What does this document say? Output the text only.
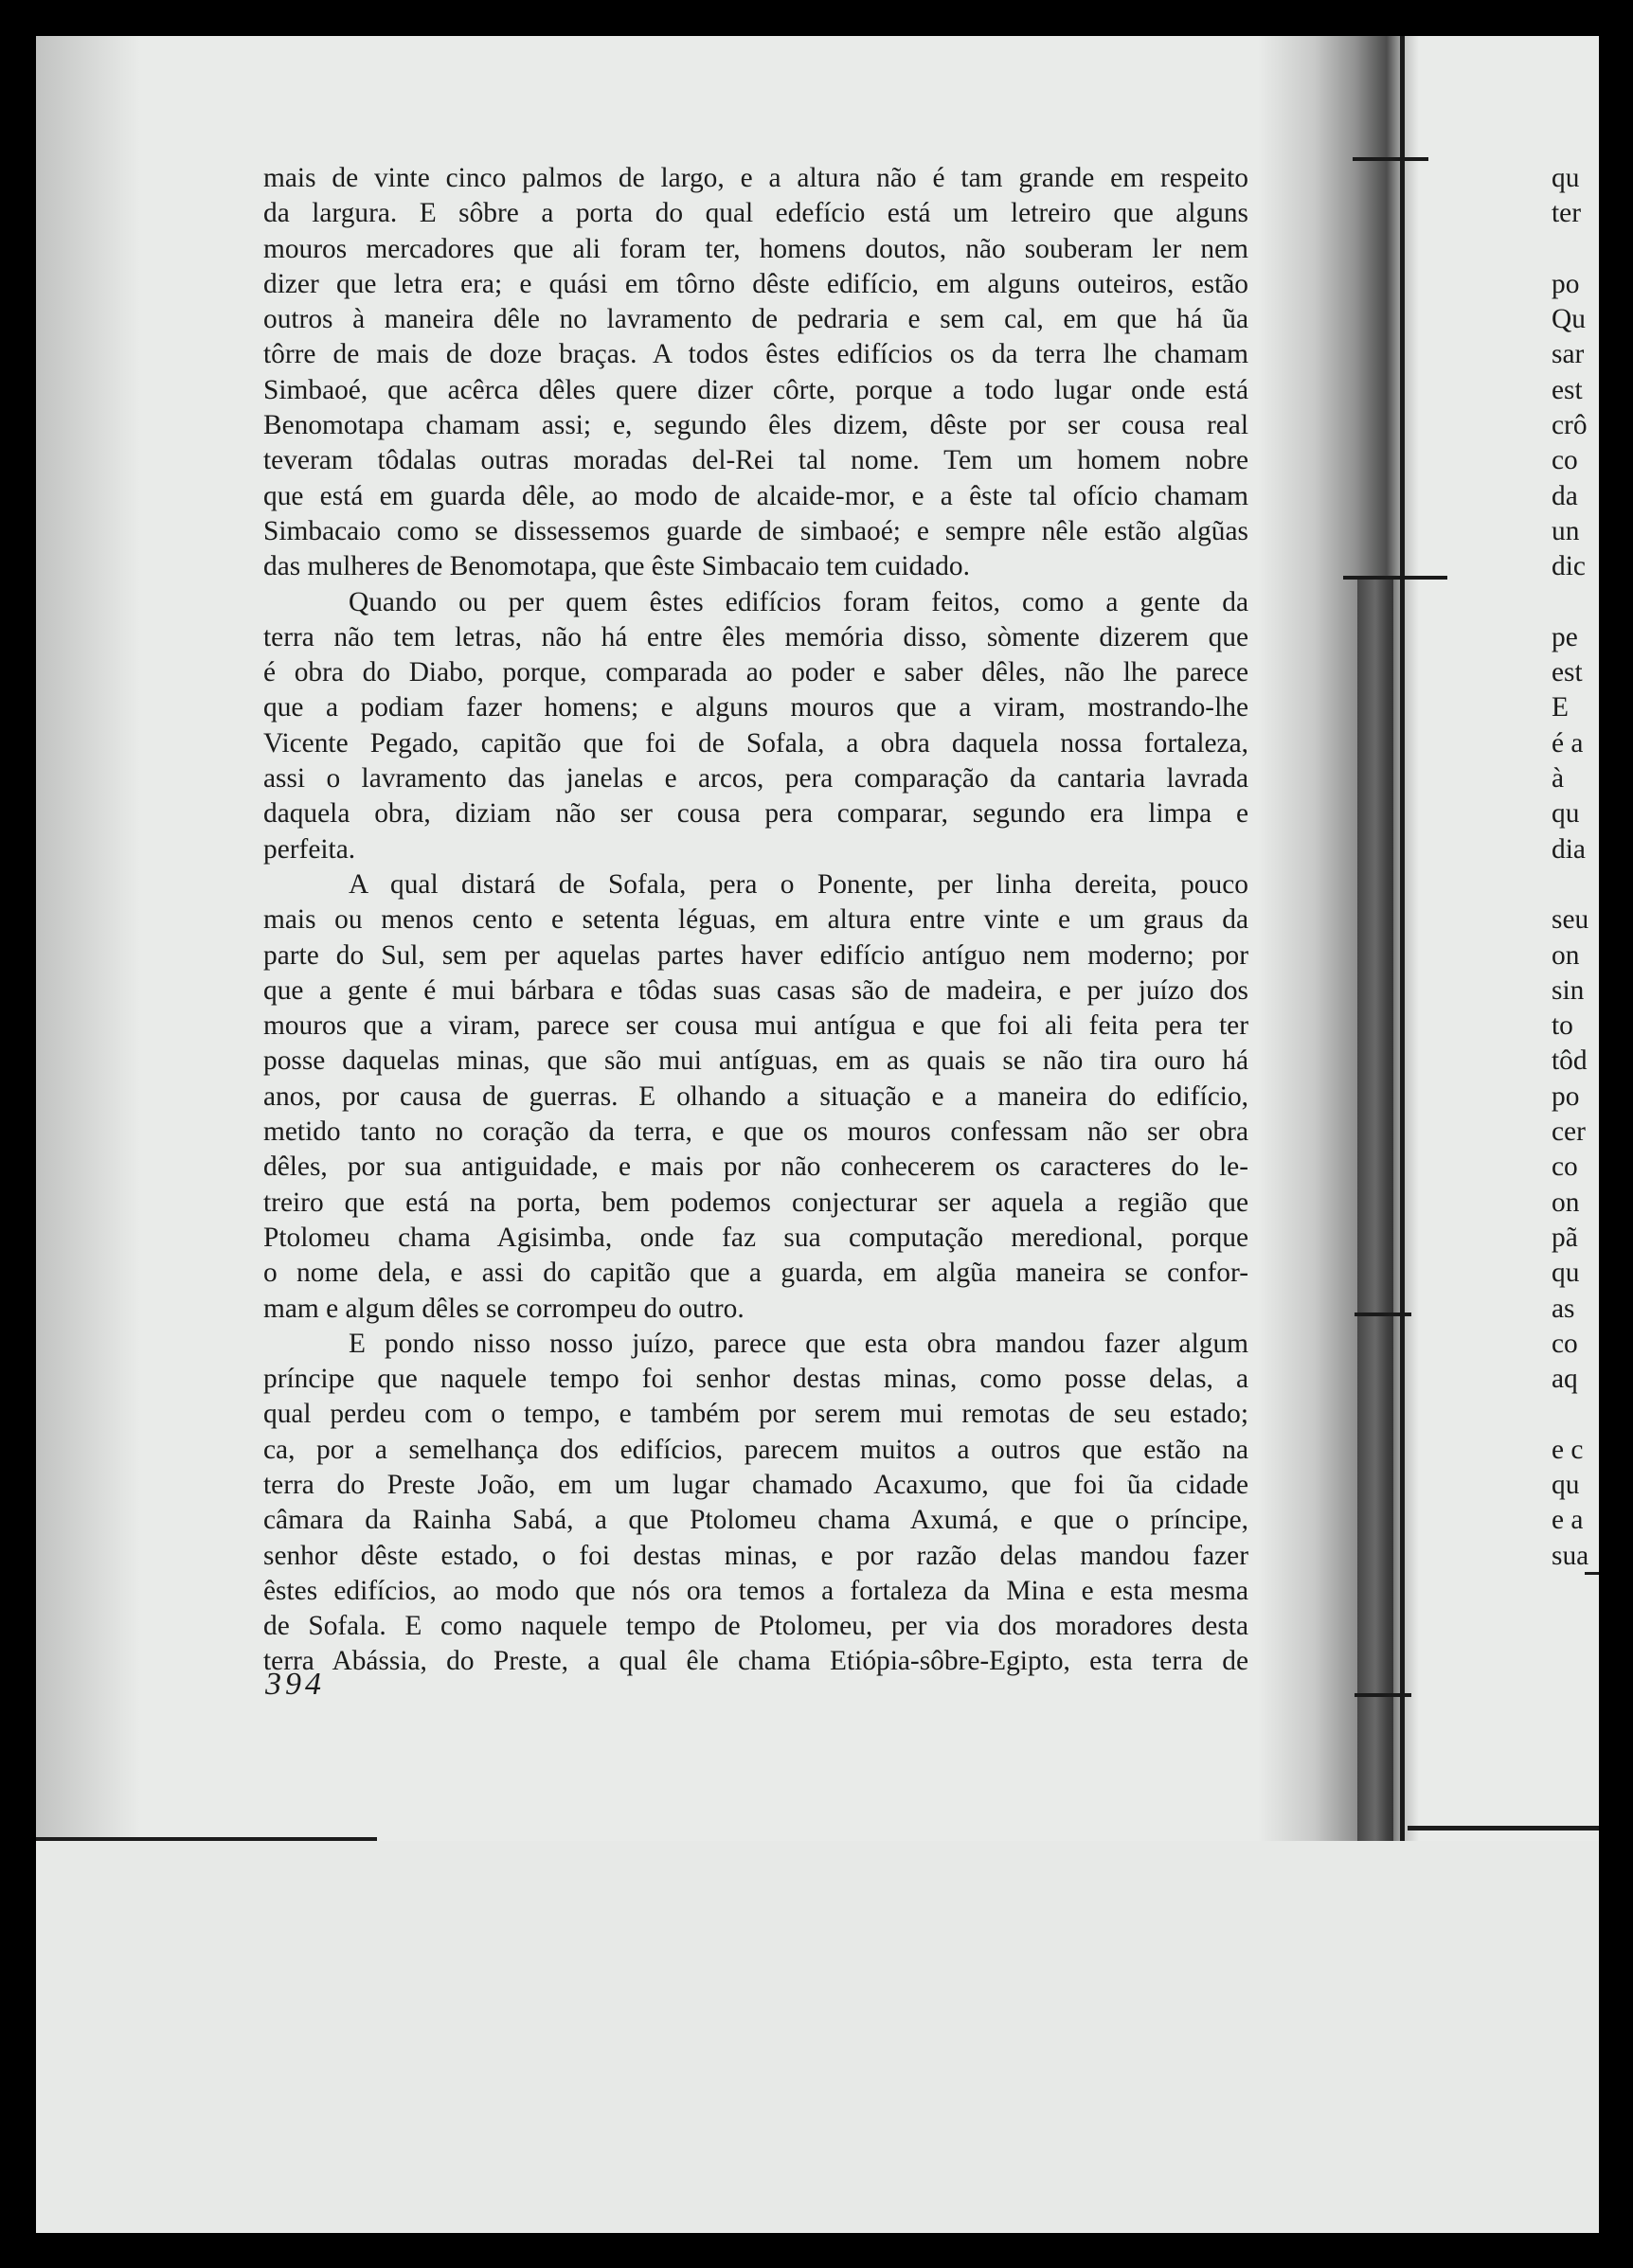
mais de vinte cinco palmos de largo, e a altura não é tam grande em respeito
da largura. E sôbre a porta do qual edefício está um letreiro que alguns
mouros mercadores que ali foram ter, homens doutos, não souberam ler nem
dizer que letra era; e quási em tôrno dêste edifício, em alguns outeiros, estão
outros à maneira dêle no lavramento de pedraria e sem cal, em que há ũa
tôrre de mais de doze braças. A todos êstes edifícios os da terra lhe chamam
Simbaoé, que acêrca dêles quere dizer côrte, porque a todo lugar onde está
Benomotapa chamam assi; e, segundo êles dizem, dêste por ser cousa real
teveram tôdalas outras moradas del-Rei tal nome. Tem um homem nobre
que está em guarda dêle, ao modo de alcaide-mor, e a êste tal ofício chamam
Simbacaio como se dissessemos guarde de simbaoé; e sempre nêle estão algũas
das mulheres de Benomotapa, que êste Simbacaio tem cuidado.
Quando ou per quem êstes edifícios foram feitos, como a gente da
terra não tem letras, não há entre êles memória disso, sòmente dizerem que
é obra do Diabo, porque, comparada ao poder e saber dêles, não lhe parece
que a podiam fazer homens; e alguns mouros que a viram, mostrando-lhe
Vicente Pegado, capitão que foi de Sofala, a obra daquela nossa fortaleza,
assi o lavramento das janelas e arcos, pera comparação da cantaria lavrada
daquela obra, diziam não ser cousa pera comparar, segundo era limpa e
perfeita.
A qual distará de Sofala, pera o Ponente, per linha dereita, pouco
mais ou menos cento e setenta léguas, em altura entre vinte e um graus da
parte do Sul, sem per aquelas partes haver edifício antíguo nem moderno; por
que a gente é mui bárbara e tôdas suas casas são de madeira, e per juízo dos
mouros que a viram, parece ser cousa mui antígua e que foi ali feita pera ter
posse daquelas minas, que são mui antíguas, em as quais se não tira ouro há
anos, por causa de guerras. E olhando a situação e a maneira do edifício,
metido tanto no coração da terra, e que os mouros confessam não ser obra
dêles, por sua antiguidade, e mais por não conhecerem os caracteres do le-
treiro que está na porta, bem podemos conjecturar ser aquela a região que
Ptolomeu chama Agisimba, onde faz sua computação meredional, porque
o nome dela, e assi do capitão que a guarda, em algũa maneira se confor-
mam e algum dêles se corrompeu do outro.
E pondo nisso nosso juízo, parece que esta obra mandou fazer algum
príncipe que naquele tempo foi senhor destas minas, como posse delas, a
qual perdeu com o tempo, e também por serem mui remotas de seu estado;
ca, por a semelhança dos edifícios, parecem muitos a outros que estão na
terra do Preste João, em um lugar chamado Acaxumo, que foi ũa cidade
câmara da Rainha Sabá, a que Ptolomeu chama Axumá, e que o príncipe,
senhor dêste estado, o foi destas minas, e por razão delas mandou fazer
êstes edifícios, ao modo que nós ora temos a fortaleza da Mina e esta mesma
de Sofala. E como naquele tempo de Ptolomeu, per via dos moradores desta
terra Abássia, do Preste, a qual êle chama Etiópia-sôbre-Egipto, esta terra de
394
qu
ter
po
Qu
sar
est
crô
co
da
un
dic
pe
est
E
é a
à
qu
dia
seu
on
sin
to
tôd
po
cer
co
on
pã
qu
as
co
aq
e c
qu
e a
sua
